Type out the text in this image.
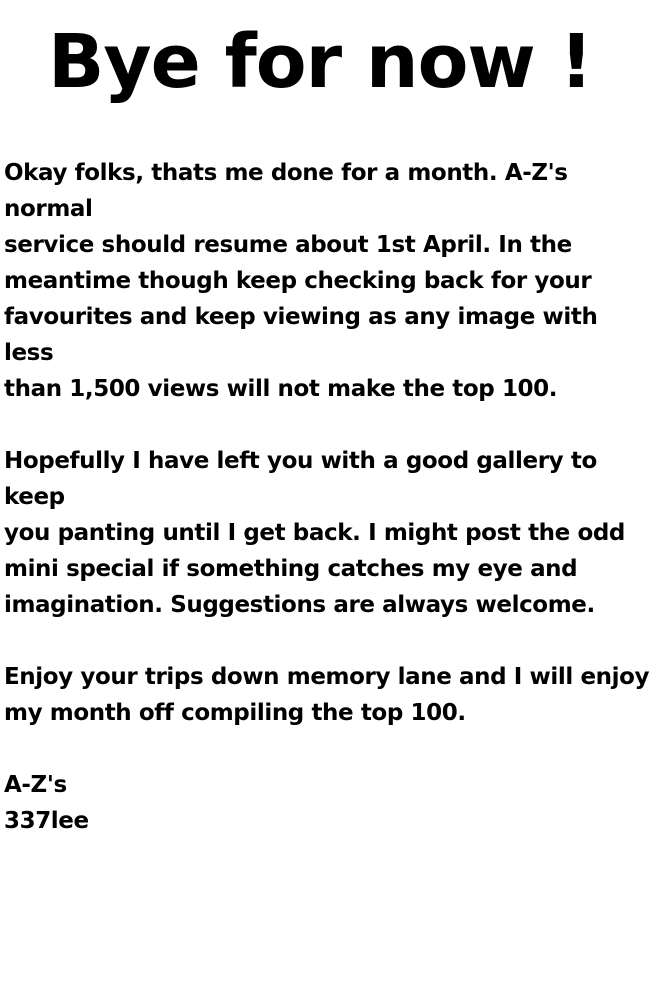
Bye for now !

Okay folks, thats me done for a month. A-Z's normal
service should resume about 1st April. In the
meantime though keep checking back for your
favourites and keep viewing as any image with less
than 1,500 views will not make the top 100.

Hopefully I have left you with a good gallery to keep
you panting until I get back. I might post the odd
mini special if something catches my eye and
imagination. Suggestions are always welcome.

Enjoy your trips down memory lane and I will enjoy
my month off compiling the top 100.

A-Z's
337lee
